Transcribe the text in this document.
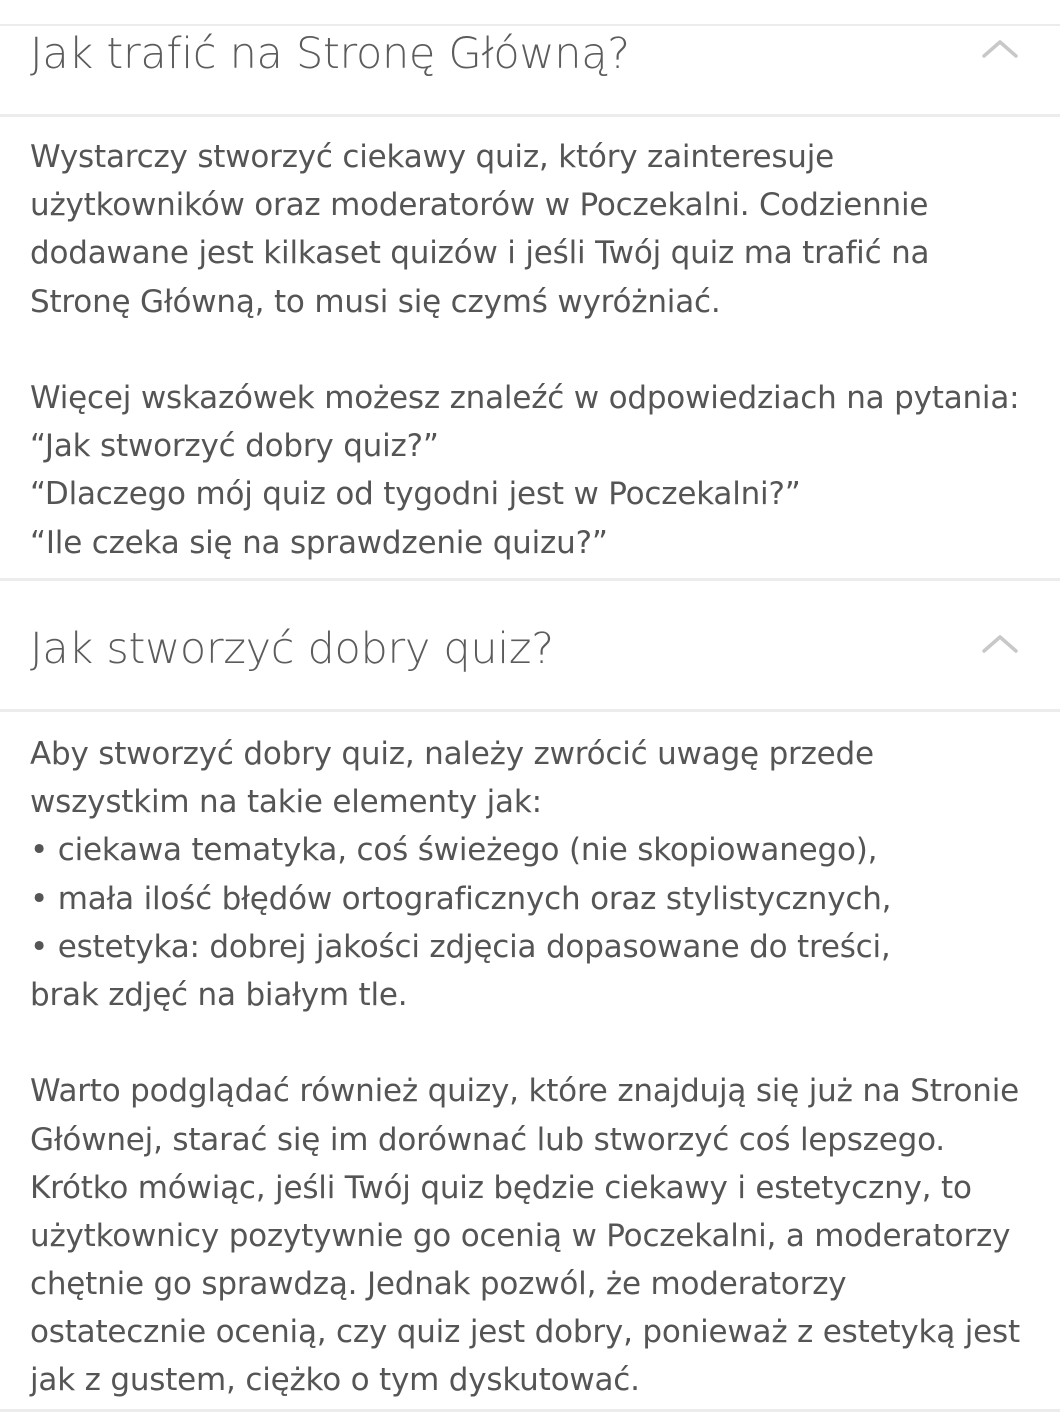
Jak trafić na Stronę Główną?
Wystarczy stworzyć ciekawy quiz, który zainteresuje
użytkowników oraz moderatorów w Poczekalni. Codziennie
dodawane jest kilkaset quizów i jeśli Twój quiz ma trafić na
Stronę Główną, to musi się czymś wyróżniać.
Więcej wskazówek możesz znaleźć w odpowiedziach na pytania:
“Jak stworzyć dobry quiz?”
“Dlaczego mój quiz od tygodni jest w Poczekalni?”
“Ile czeka się na sprawdzenie quizu?”
Jak stworzyć dobry quiz?
Aby stworzyć dobry quiz, należy zwrócić uwagę przede
wszystkim na takie elementy jak:
• ciekawa tematyka, coś świeżego (nie skopiowanego),
• mała ilość błędów ortograficznych oraz stylistycznych,
• estetyka: dobrej jakości zdjęcia dopasowane do treści,
brak zdjęć na białym tle.
Warto podglądać również quizy, które znajdują się już na Stronie
Głównej, starać się im dorównać lub stworzyć coś lepszego.
Krótko mówiąc, jeśli Twój quiz będzie ciekawy i estetyczny, to
użytkownicy pozytywnie go ocenią w Poczekalni, a moderatorzy
chętnie go sprawdzą. Jednak pozwól, że moderatorzy
ostatecznie ocenią, czy quiz jest dobry, ponieważ z estetyką jest
jak z gustem, ciężko o tym dyskutować.
